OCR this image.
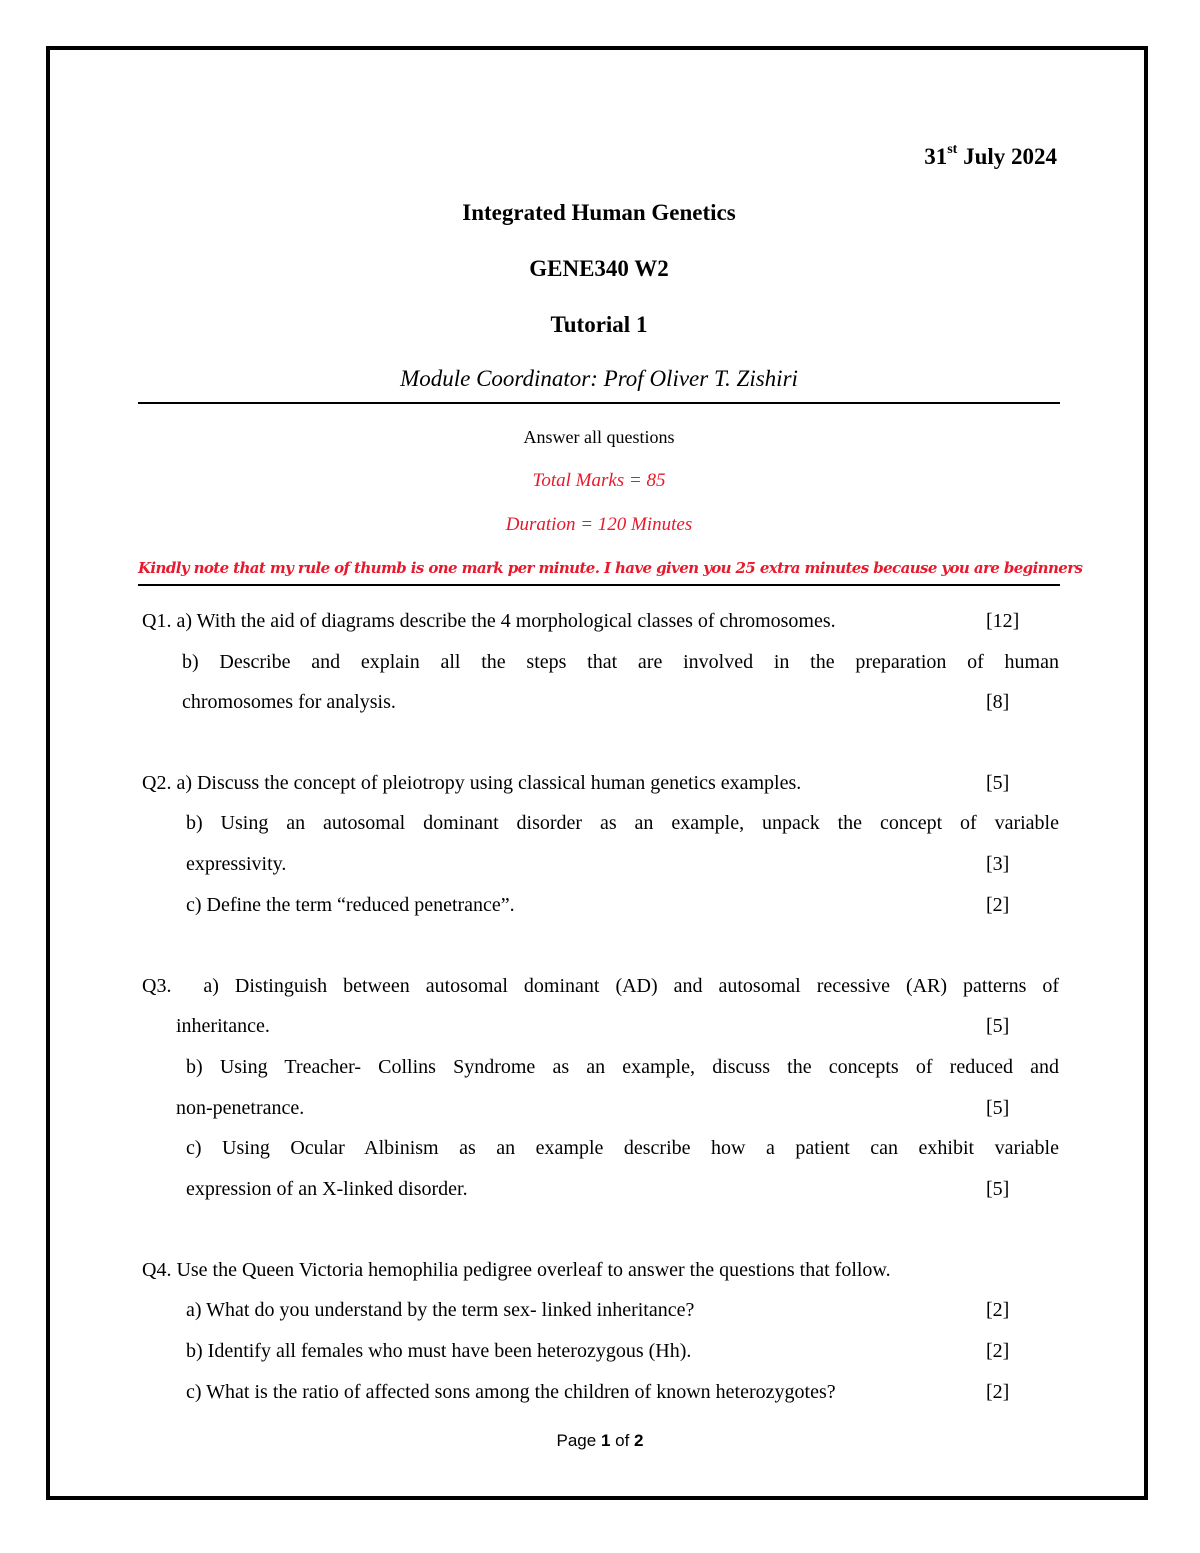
31st July 2024
Integrated Human Genetics
GENE340 W2
Tutorial 1
Module Coordinator: Prof Oliver T. Zishiri
Answer all questions
Total Marks = 85
Duration = 120 Minutes
Kindly note that my rule of thumb is one mark per minute. I have given you 25 extra minutes because you are beginners
Q1. a) With the aid of diagrams describe the 4 morphological classes of chromosomes.	[12]
b) Describe and explain all the steps that are involved in the preparation of human
chromosomes for analysis.	[8]
Q2. a) Discuss the concept of pleiotropy using classical human genetics examples.	[5]
b) Using an autosomal dominant disorder as an example, unpack the concept of variable
expressivity.	[3]
c) Define the term “reduced penetrance”.	[2]
Q3.  a) Distinguish between autosomal dominant (AD) and autosomal recessive (AR) patterns of
inheritance.	[5]
b) Using Treacher- Collins Syndrome as an example, discuss the concepts of reduced and
non-penetrance.	[5]
c) Using Ocular Albinism as an example describe how a patient can exhibit variable
expression of an X-linked disorder.	[5]
Q4. Use the Queen Victoria hemophilia pedigree overleaf to answer the questions that follow.
a) What do you understand by the term sex- linked inheritance?	[2]
b) Identify all females who must have been heterozygous (Hh).	[2]
c) What is the ratio of affected sons among the children of known heterozygotes?	[2]
Page 1 of 2
